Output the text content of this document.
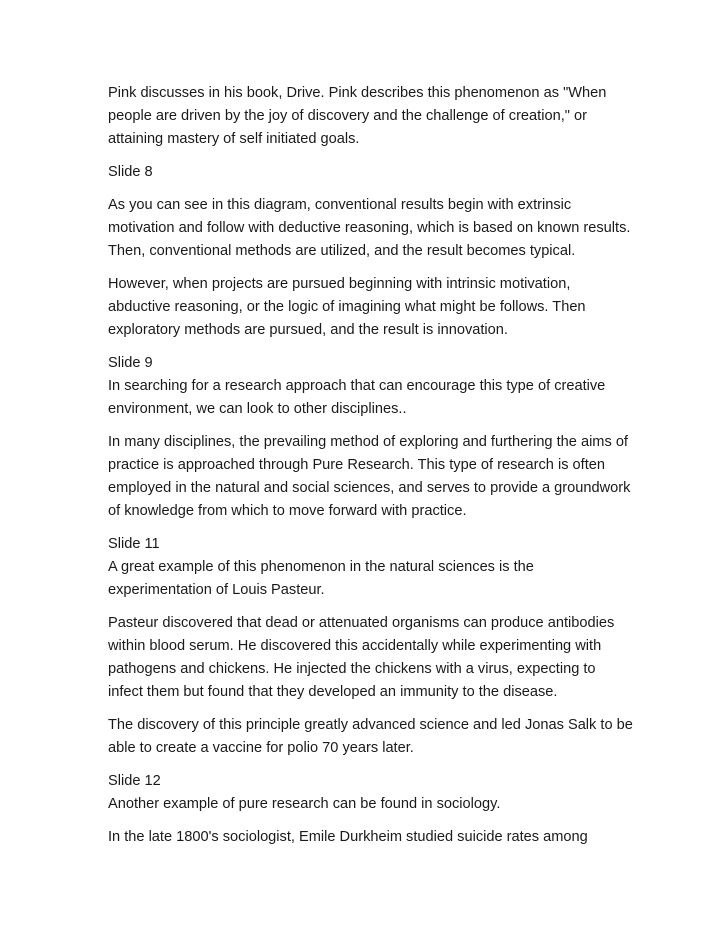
Pink discusses in his book, Drive. Pink describes this phenomenon as "When
people are driven by the joy of discovery and the challenge of creation," or
attaining mastery of self initiated goals.

Slide 8

As you can see in this diagram, conventional results begin with extrinsic
motivation and follow with deductive reasoning, which is based on known results.
Then, conventional methods are utilized, and the result becomes typical.

However, when projects are pursued beginning with intrinsic motivation,
abductive reasoning, or the logic of imagining what might be follows. Then
exploratory methods are pursued, and the result is innovation.

Slide 9
In searching for a research approach that can encourage this type of creative
environment, we can look to other disciplines..

In many disciplines, the prevailing method of exploring and furthering the aims of
practice is approached through Pure Research. This type of research is often
employed in the natural and social sciences, and serves to provide a groundwork
of knowledge from which to move forward with practice.

Slide 11
A great example of this phenomenon in the natural sciences is the
experimentation of Louis Pasteur.

Pasteur discovered that dead or attenuated organisms can produce antibodies
within blood serum. He discovered this accidentally while experimenting with
pathogens and chickens. He injected the chickens with a virus, expecting to
infect them but found that they developed an immunity to the disease.

The discovery of this principle greatly advanced science and led Jonas Salk to be
able to create a vaccine for polio 70 years later.

Slide 12
Another example of pure research can be found in sociology.

In the late 1800's sociologist, Emile Durkheim studied suicide rates among
